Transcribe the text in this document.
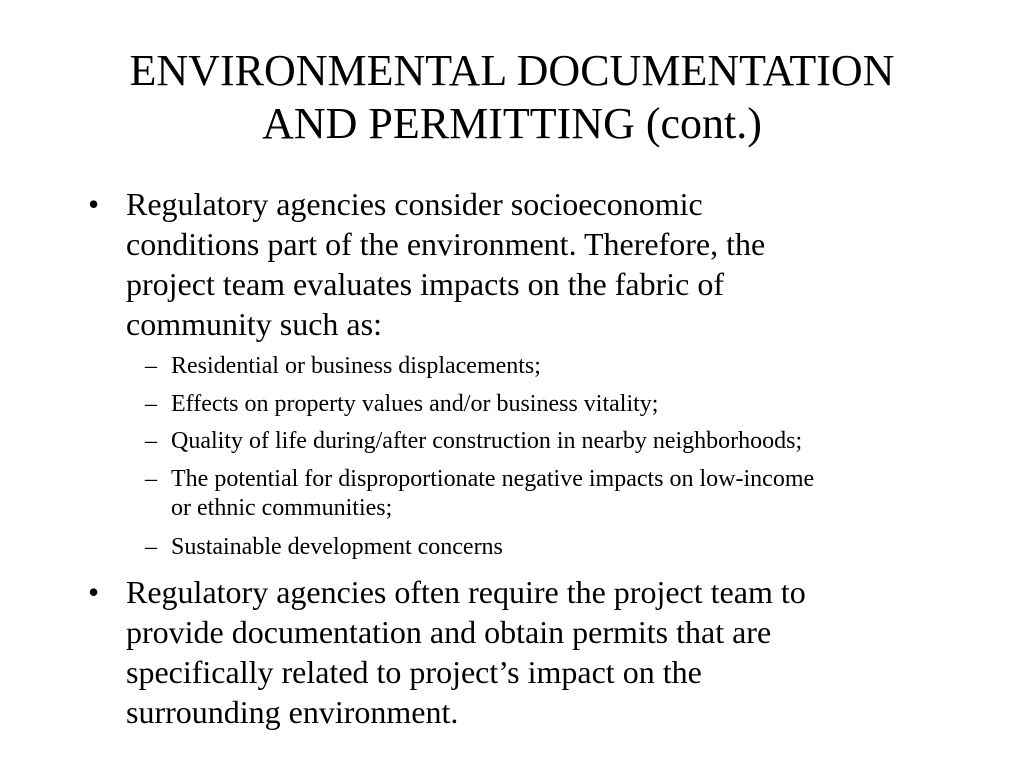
ENVIRONMENTAL DOCUMENTATION
AND PERMITTING (cont.)
• Regulatory agencies consider socioeconomic
conditions part of the environment. Therefore, the
project team evaluates impacts on the fabric of
community such as:
– Residential or business displacements;
– Effects on property values and/or business vitality;
– Quality of life during/after construction in nearby neighborhoods;
– The potential for disproportionate negative impacts on low-income
or ethnic communities;
– Sustainable development concerns
• Regulatory agencies often require the project team to
provide documentation and obtain permits that are
specifically related to project’s impact on the
surrounding environment.
